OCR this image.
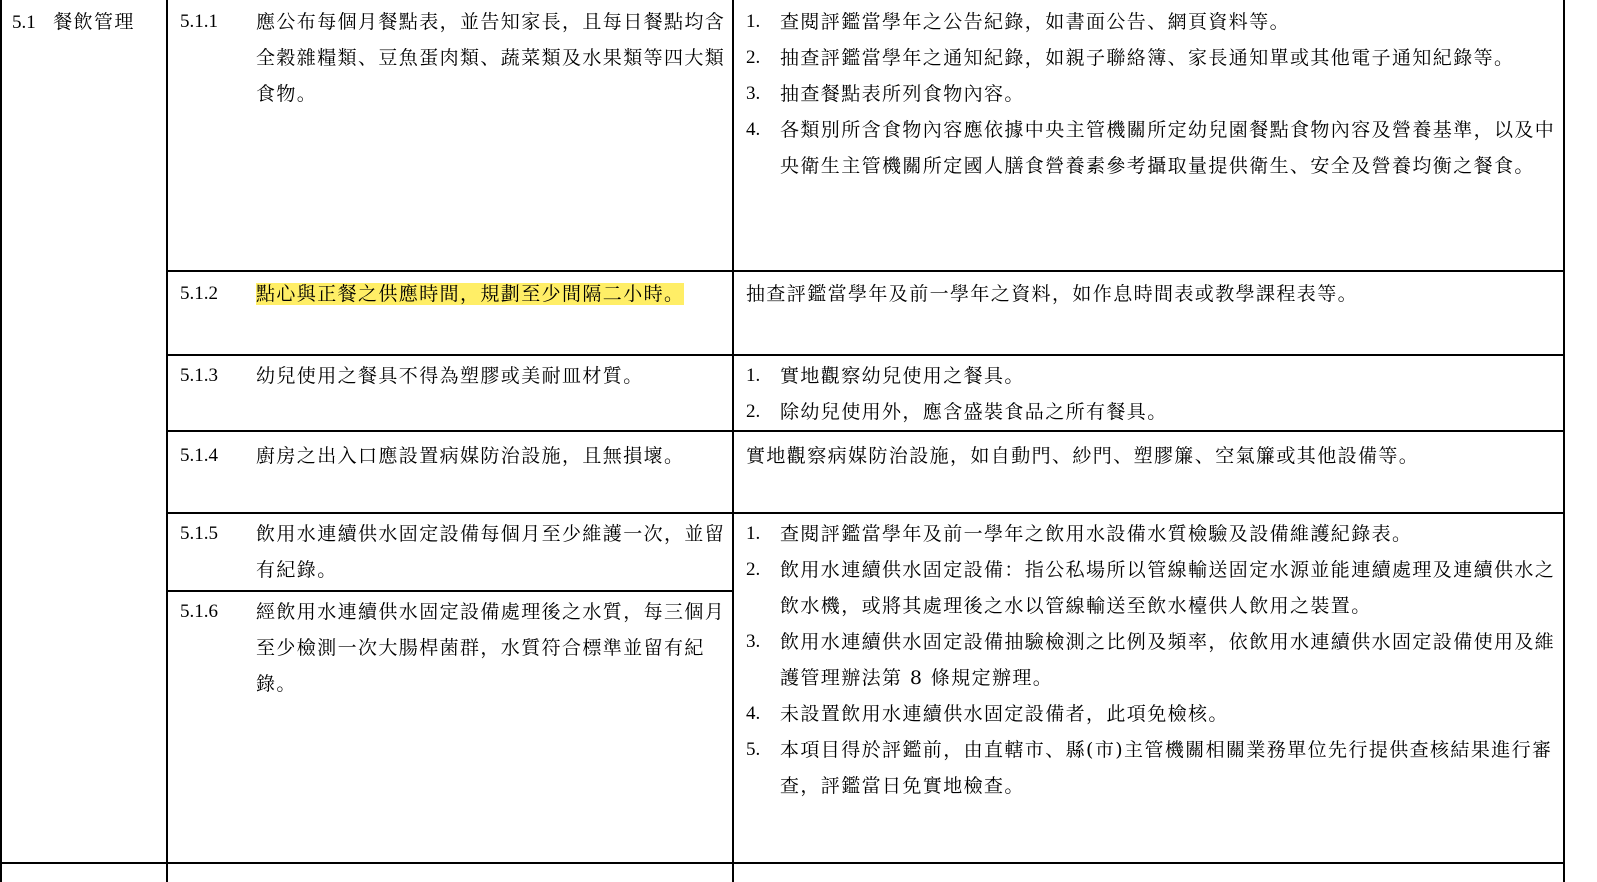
5.1 餐飲管理	5.1.1 應公布每個月餐點表，並告知家長，且每日餐點均含全穀雜糧類、豆魚蛋肉類、蔬菜類及水果類等四大類食物。
1. 查閱評鑑當學年之公告紀錄，如書面公告、網頁資料等。
2. 抽查評鑑當學年之通知紀錄，如親子聯絡簿、家長通知單或其他電子通知紀錄等。
3. 抽查餐點表所列食物內容。
4. 各類別所含食物內容應依據中央主管機關所定幼兒園餐點食物內容及營養基準，以及中央衛生主管機關所定國人膳食營養素參考攝取量提供衛生、安全及營養均衡之餐食。
5.1.2 點心與正餐之供應時間，規劃至少間隔二小時。	抽查評鑑當學年及前一學年之資料，如作息時間表或教學課程表等。
5.1.3 幼兒使用之餐具不得為塑膠或美耐皿材質。	1. 實地觀察幼兒使用之餐具。
2. 除幼兒使用外，應含盛裝食品之所有餐具。
5.1.4 廚房之出入口應設置病媒防治設施，且無損壞。	實地觀察病媒防治設施，如自動門、紗門、塑膠簾、空氣簾或其他設備等。
5.1.5 飲用水連續供水固定設備每個月至少維護一次，並留有紀錄。
5.1.6 經飲用水連續供水固定設備處理後之水質，每三個月至少檢測一次大腸桿菌群，水質符合標準並留有紀錄。
1. 查閱評鑑當學年及前一學年之飲用水設備水質檢驗及設備維護紀錄表。
2. 飲用水連續供水固定設備：指公私場所以管線輸送固定水源並能連續處理及連續供水之飲水機，或將其處理後之水以管線輸送至飲水檯供人飲用之裝置。
3. 飲用水連續供水固定設備抽驗檢測之比例及頻率，依飲用水連續供水固定設備使用及維護管理辦法第 8 條規定辦理。
4. 未設置飲用水連續供水固定設備者，此項免檢核。
5. 本項目得於評鑑前，由直轄市、縣(市)主管機關相關業務單位先行提供查核結果進行審查，評鑑當日免實地檢查。
